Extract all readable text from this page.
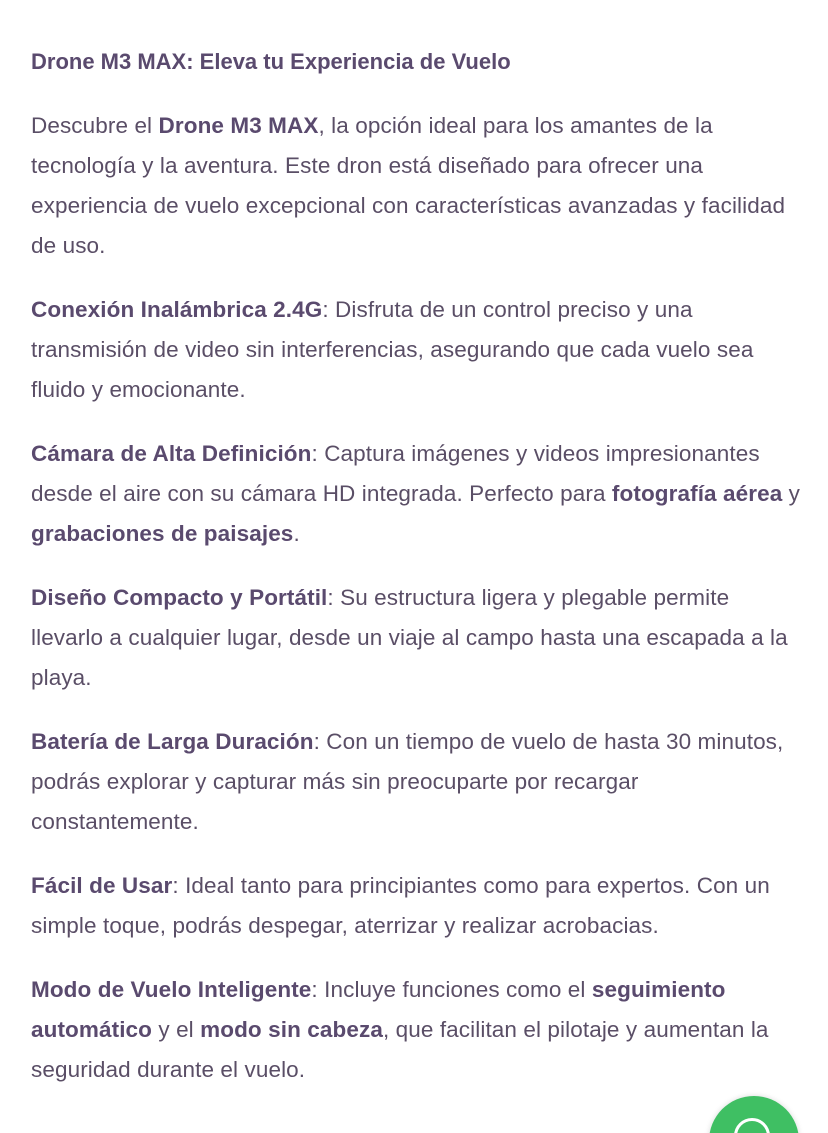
Drone M3 MAX: Eleva tu Experiencia de Vuelo

Descubre el Drone M3 MAX, la opción ideal para los amantes de la tecnología y la aventura. Este dron está diseñado para ofrecer una experiencia de vuelo excepcional con características avanzadas y facilidad de uso.

Conexión Inalámbrica 2.4G: Disfruta de un control preciso y una transmisión de video sin interferencias, asegurando que cada vuelo sea fluido y emocionante.

Cámara de Alta Definición: Captura imágenes y videos impresionantes desde el aire con su cámara HD integrada. Perfecto para fotografía aérea y grabaciones de paisajes.

Diseño Compacto y Portátil: Su estructura ligera y plegable permite llevarlo a cualquier lugar, desde un viaje al campo hasta una escapada a la playa.

Batería de Larga Duración: Con un tiempo de vuelo de hasta 30 minutos, podrás explorar y capturar más sin preocuparte por recargar constantemente.

Fácil de Usar: Ideal tanto para principiantes como para expertos. Con un simple toque, podrás despegar, aterrizar y realizar acrobacias.

Modo de Vuelo Inteligente: Incluye funciones como el seguimiento automático y el modo sin cabeza, que facilitan el pilotaje y aumentan la seguridad durante el vuelo.
